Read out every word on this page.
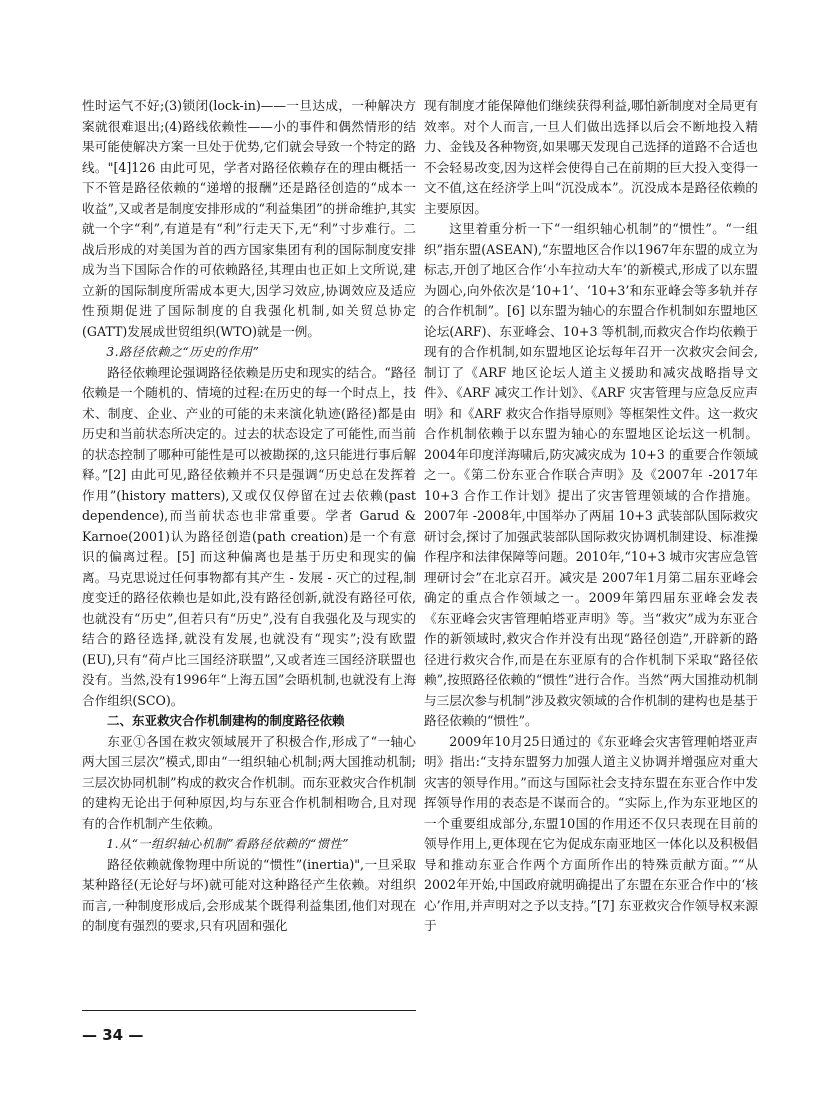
性时运气不好;(3)锁闭(lock-in)——一旦达成，一种解决方案就很难退出;(4)路线依赖性——小的事件和偶然情形的结果可能使解决方案一旦处于优势,它们就会导致一个特定的路线。"[4]126 由此可见，学者对路径依赖存在的理由概括一下不管是路径依赖的“递增的报酬”还是路径创造的“成本一收益”,又或者是制度安排形成的“利益集团”的拼命维护,其实就一个字“利”,有道是有“利”行走天下,无“利”寸步难行。二战后形成的对美国为首的西方国家集团有利的国际制度安排成为当下国际合作的可依赖路径,其理由也正如上文所说,建立新的国际制度所需成本更大,因学习效应,协调效应及适应性预期促进了国际制度的自我强化机制,如关贸总协定(GATT)发展成世贸组织(WTO)就是一例。

3.路径依赖之“历史的作用”

路径依赖理论强调路径依赖是历史和现实的结合。“路径依赖是一个随机的、情境的过程:在历史的每一个时点上，技术、制度、企业、产业的可能的未来演化轨迹(路径)都是由历史和当前状态所决定的。过去的状态设定了可能性,而当前的状态控制了哪种可能性是可以被勘探的,这只能进行事后解释。”[2] 由此可见,路径依赖并不只是强调“历史总在发挥着作用”(history matters),又或仅仅停留在过去依赖(past dependence),而当前状态也非常重要。学者 Garud & Karnoe(2001)认为路径创造(path creation)是一个有意识的偏离过程。[5] 而这种偏离也是基于历史和现实的偏离。马克思说过任何事物都有其产生 - 发展 - 灭亡的过程,制度变迁的路径依赖也是如此,没有路径创新,就没有路径可依,也就没有“历史”,但若只有“历史”,没有自我强化及与现实的结合的路径选择,就没有发展,也就没有“现实”;没有欧盟(EU),只有“荷卢比三国经济联盟”,又或者连三国经济联盟也没有。当然,没有1996年“上海五国”会晤机制,也就没有上海合作组织(SCO)。

二、东亚救灾合作机制建构的制度路径依赖

东亚①各国在救灾领域展开了积极合作,形成了“一轴心两大国三层次”模式,即由“一组织轴心机制;两大国推动机制;三层次协同机制”构成的救灾合作机制。而东亚救灾合作机制的建构无论出于何种原因,均与东亚合作机制相吻合,且对现有的合作机制产生依赖。

1.从“一组织轴心机制”看路径依赖的“惯性”

路径依赖就像物理中所说的“惯性”(inertia)",一旦采取某种路径(无论好与坏)就可能对这种路径产生依赖。对组织而言,一种制度形成后,会形成某个既得利益集团,他们对现在的制度有强烈的要求,只有巩固和强化

现有制度才能保障他们继续获得利益,哪怕新制度对全局更有效率。对个人而言,一旦人们做出选择以后会不断地投入精力、金钱及各种物资,如果哪天发现自己选择的道路不合适也不会轻易改变,因为这样会使得自己在前期的巨大投入变得一文不值,这在经济学上叫“沉没成本”。沉没成本是路径依赖的主要原因。

这里着重分析一下“一组织轴心机制”的“惯性”。“一组织”指东盟(ASEAN),“东盟地区合作以1967年东盟的成立为标志,开创了地区合作‘小车拉动大车’的新模式,形成了以东盟为圆心,向外依次是‘10+1’、‘10+3’和东亚峰会等多轨并存的合作机制”。[6] 以东盟为轴心的东盟合作机制如东盟地区论坛(ARF)、东亚峰会、10+3 等机制,而救灾合作均依赖于现有的合作机制,如东盟地区论坛每年召开一次救灾会间会,制订了《ARF 地区论坛人道主义援助和减灾战略指导文件》、《ARF 减灾工作计划》、《ARF 灾害管理与应急反应声明》和《ARF 救灾合作指导原则》等框架性文件。这一救灾合作机制依赖于以东盟为轴心的东盟地区论坛这一机制。2004年印度洋海啸后,防灾减灾成为 10+3 的重要合作领域之一。《第二份东亚合作联合声明》及《2007年 -2017年 10+3 合作工作计划》提出了灾害管理领域的合作措施。2007年 -2008年,中国举办了两届 10+3 武装部队国际救灾研讨会,探讨了加强武装部队国际救灾协调机制建设、标准操作程序和法律保障等问题。2010年,“10+3 城市灾害应急管理研讨会”在北京召开。减灾是 2007年1月第二届东亚峰会确定的重点合作领域之一。2009年第四届东亚峰会发表《东亚峰会灾害管理帕塔亚声明》等。当“救灾”成为东亚合作的新领域时,救灾合作并没有出现“路径创造”,开辟新的路径进行救灾合作,而是在东亚原有的合作机制下采取“路径依赖”,按照路径依赖的“惯性”进行合作。当然“两大国推动机制与三层次参与机制”涉及救灾领域的合作机制的建构也是基于路径依赖的“惯性”。

2009年10月25日通过的《东亚峰会灾害管理帕塔亚声明》指出:“支持东盟努力加强人道主义协调并增强应对重大灾害的领导作用。”而这与国际社会支持东盟在东亚合作中发挥领导作用的表态是不谋而合的。“实际上,作为东亚地区的一个重要组成部分,东盟10国的作用还不仅只表现在目前的领导作用上,更体现在它为促成东南亚地区一体化以及积极倡导和推动东亚合作两个方面所作出的特殊贡献方面。”“从2002年开始,中国政府就明确提出了东盟在东亚合作中的‘核心’作用,并声明对之予以支持。”[7] 东亚救灾合作领导权来源于

— 34 —
